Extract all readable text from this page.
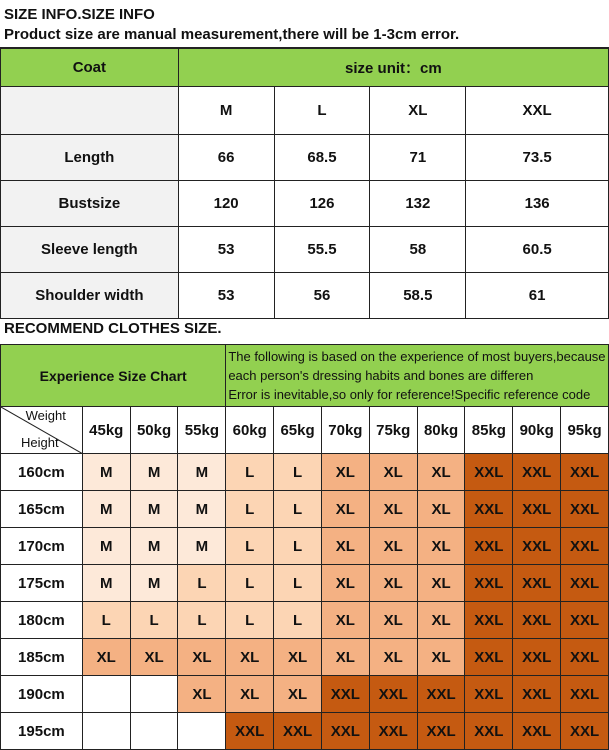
SIZE INFO.SIZE INFO
Product size are manual measurement,there will be 1-3cm error.
Coat	size unit：cm			
	M	L	XL	XXL
Length	66	68.5	71	73.5
Bustsize	120	126	132	136
Sleeve length	53	55.5	58	60.5
Shoulder width	53	56	58.5	61
RECOMMEND CLOTHES SIZE.
Experience Size Chart				The following is based on the experience of most buyers,because
each person's dressing habits and bones are differen
Error is inevitable,so only for reference!Specific reference code							

Weight
Height	45kg	50kg	55kg	60kg	65kg	70kg	75kg	80kg	85kg	90kg	95kg
160cm	M	M	M	L	L	XL	XL	XL	XXL	XXL	XXL
165cm	M	M	M	L	L	XL	XL	XL	XXL	XXL	XXL
170cm	M	M	M	L	L	XL	XL	XL	XXL	XXL	XXL
175cm	M	M	L	L	L	XL	XL	XL	XXL	XXL	XXL
180cm	L	L	L	L	L	XL	XL	XL	XXL	XXL	XXL
185cm	XL	XL	XL	XL	XL	XL	XL	XL	XXL	XXL	XXL
190cm			XL	XL	XL	XXL	XXL	XXL	XXL	XXL	XXL
195cm				XXL	XXL	XXL	XXL	XXL	XXL	XXL	XXL
